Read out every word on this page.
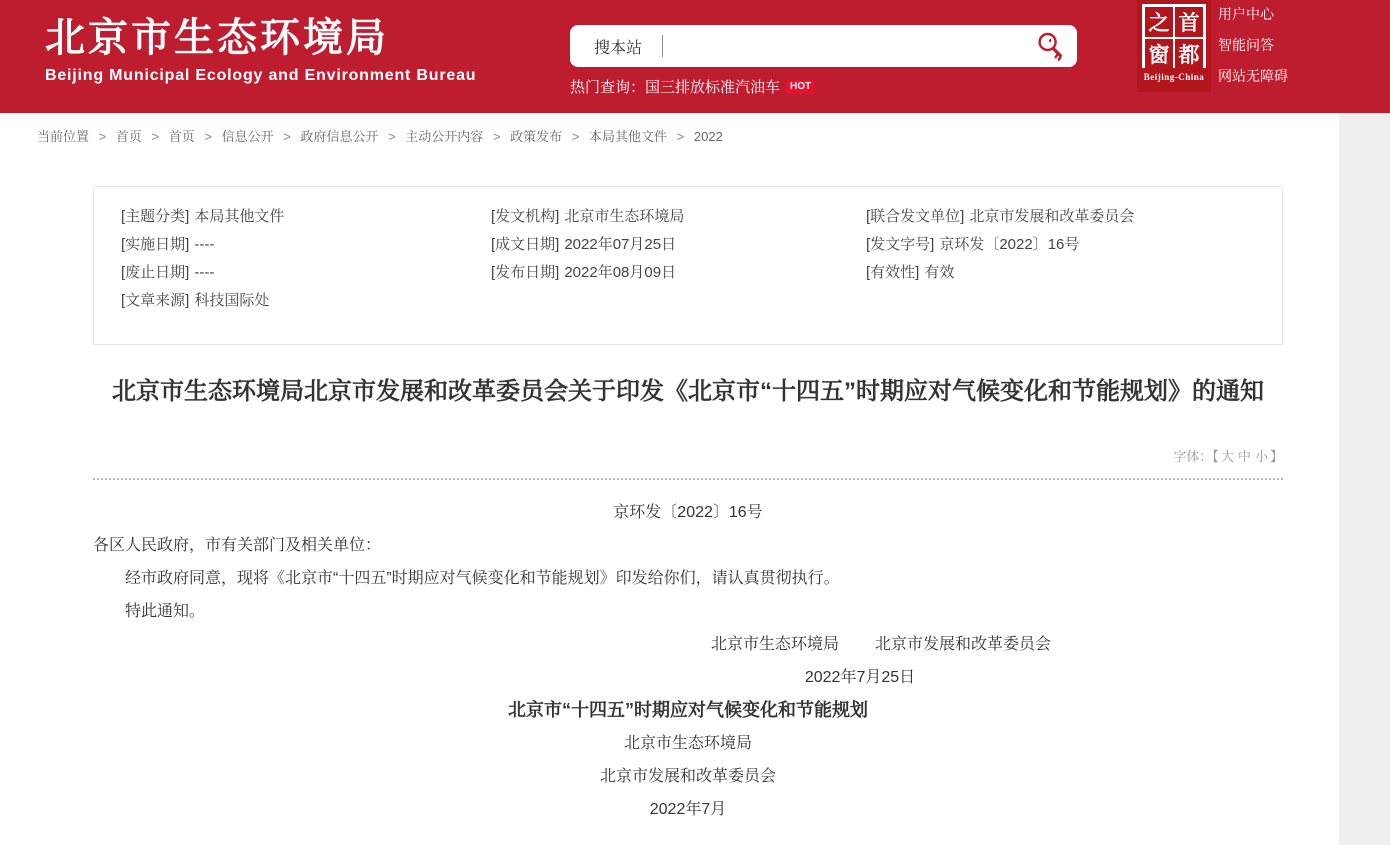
北京市生态环境局
Beijing Municipal Ecology and Environment Bureau
搜本站
热门查询： 国三排放标准汽油车	HOT
之 首
窗 都
Beijing-China
用户中心
智能问答
网站无障碍
当前位置 > 首页 > 首页 > 信息公开 > 政府信息公开 > 主动公开内容 > 政策发布 > 本局其他文件 > 2022
[主题分类] 本局其他文件
[实施日期] ----
[废止日期] ----
[文章来源] 科技国际处
[发文机构] 北京市生态环境局
[成文日期] 2022年07月25日
[发布日期] 2022年08月09日
[联合发文单位] 北京市发展和改革委员会
[发文字号] 京环发〔2022〕16号
[有效性] 有效
北京市生态环境局北京市发展和改革委员会关于印发《北京市“十四五”时期应对气候变化和节能规划》的通知
字体：【 大 中 小 】

京环发〔2022〕16号

各区人民政府，市有关部门及相关单位：

经市政府同意，现将《北京市“十四五”时期应对气候变化和节能规划》印发给你们，请认真贯彻执行。

特此通知。

北京市生态环境局 北京市发展和改革委员会

2022年7月25日

北京市“十四五”时期应对气候变化和节能规划

北京市生态环境局

北京市发展和改革委员会

2022年7月
